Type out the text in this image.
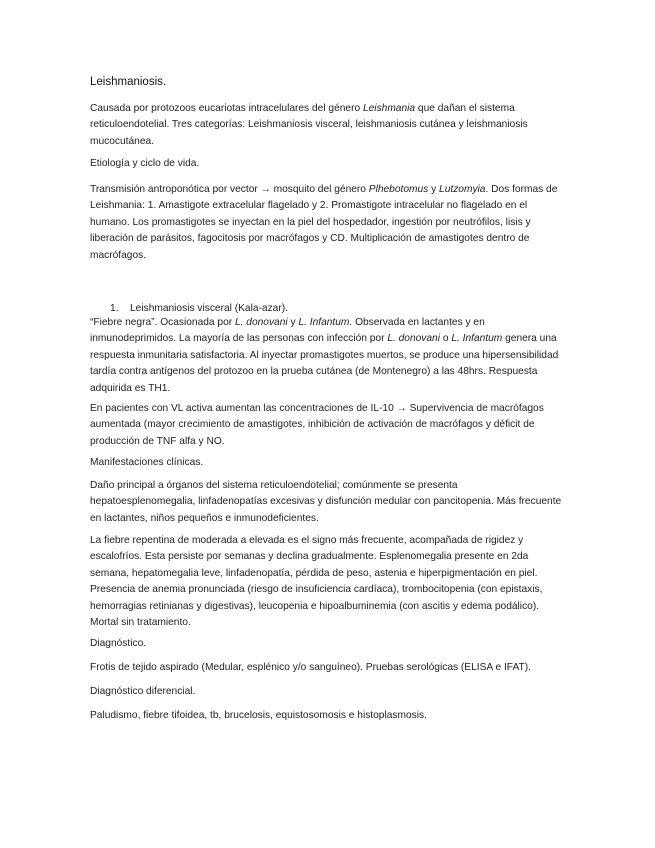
Leishmaniosis.

Causada por protozoos eucariotas intracelulares del género Leishmania que dañan el sistema reticuloendotelial. Tres categorías: Leishmaniosis visceral, leishmaniosis cutánea y leishmaniosis mucocutánea.

Etiología y ciclo de vida.

Transmisión antroponótica por vector → mosquito del género Plhebotomus y Lutzomyia. Dos formas de Leishmania: 1. Amastigote extracelular flagelado y 2. Promastigote intracelular no flagelado en el humano. Los promastigotes se inyectan en la piel del hospedador, ingestión por neutrófilos, lisis y liberación de parásitos, fagocitosis por macrófagos y CD. Multiplicación de amastigotes dentro de macrófagos.

1. Leishmaniosis visceral (Kala-azar).

“Fiebre negra”. Ocasionada por L. donovani y L. Infantum. Observada en lactantes y en inmunodeprimidos. La mayoría de las personas con infección por L. donovani o L. Infantum genera una respuesta inmunitaria satisfactoria. Al inyectar promastigotes muertos, se produce una hipersensibilidad tardía contra antígenos del protozoo en la prueba cutánea (de Montenegro) a las 48hrs. Respuesta adquirida es TH1.

En pacientes con VL activa aumentan las concentraciones de IL-10 → Supervivencia de macrófagos aumentada (mayor crecimiento de amastigotes, inhibición de activación de macrófagos y déficit de producción de TNF alfa y NO.

Manifestaciones clínicas.

Daño principal a órganos del sistema reticuloendotelial; comúnmente se presenta hepatoesplenomegalia, linfadenopatías excesivas y disfunción medular con pancitopenia. Más frecuente en lactantes, niños pequeños e inmunodeficientes.

La fiebre repentina de moderada a elevada es el signo más frecuente, acompañada de rigidez y escalofríos. Esta persiste por semanas y declina gradualmente. Esplenomegalia presente en 2da semana, hepatomegalia leve, linfadenopatía, pérdida de peso, astenia e hiperpigmentación en piel. Presencia de anemia pronunciada (riesgo de insuficiencia cardíaca), trombocitopenia (con epistaxis, hemorragias retinianas y digestivas), leucopenia e hipoalbuminemia (con ascitis y edema podálico). Mortal sin tratamiento.

Diagnóstico.

Frotis de tejido aspirado (Medular, esplénico y/o sanguíneo). Pruebas serológicas (ELISA e IFAT).

Diagnóstico diferencial.

Paludismo, fiebre tifoidea, tb, brucelosis, equistosomosis e histoplasmosis.
